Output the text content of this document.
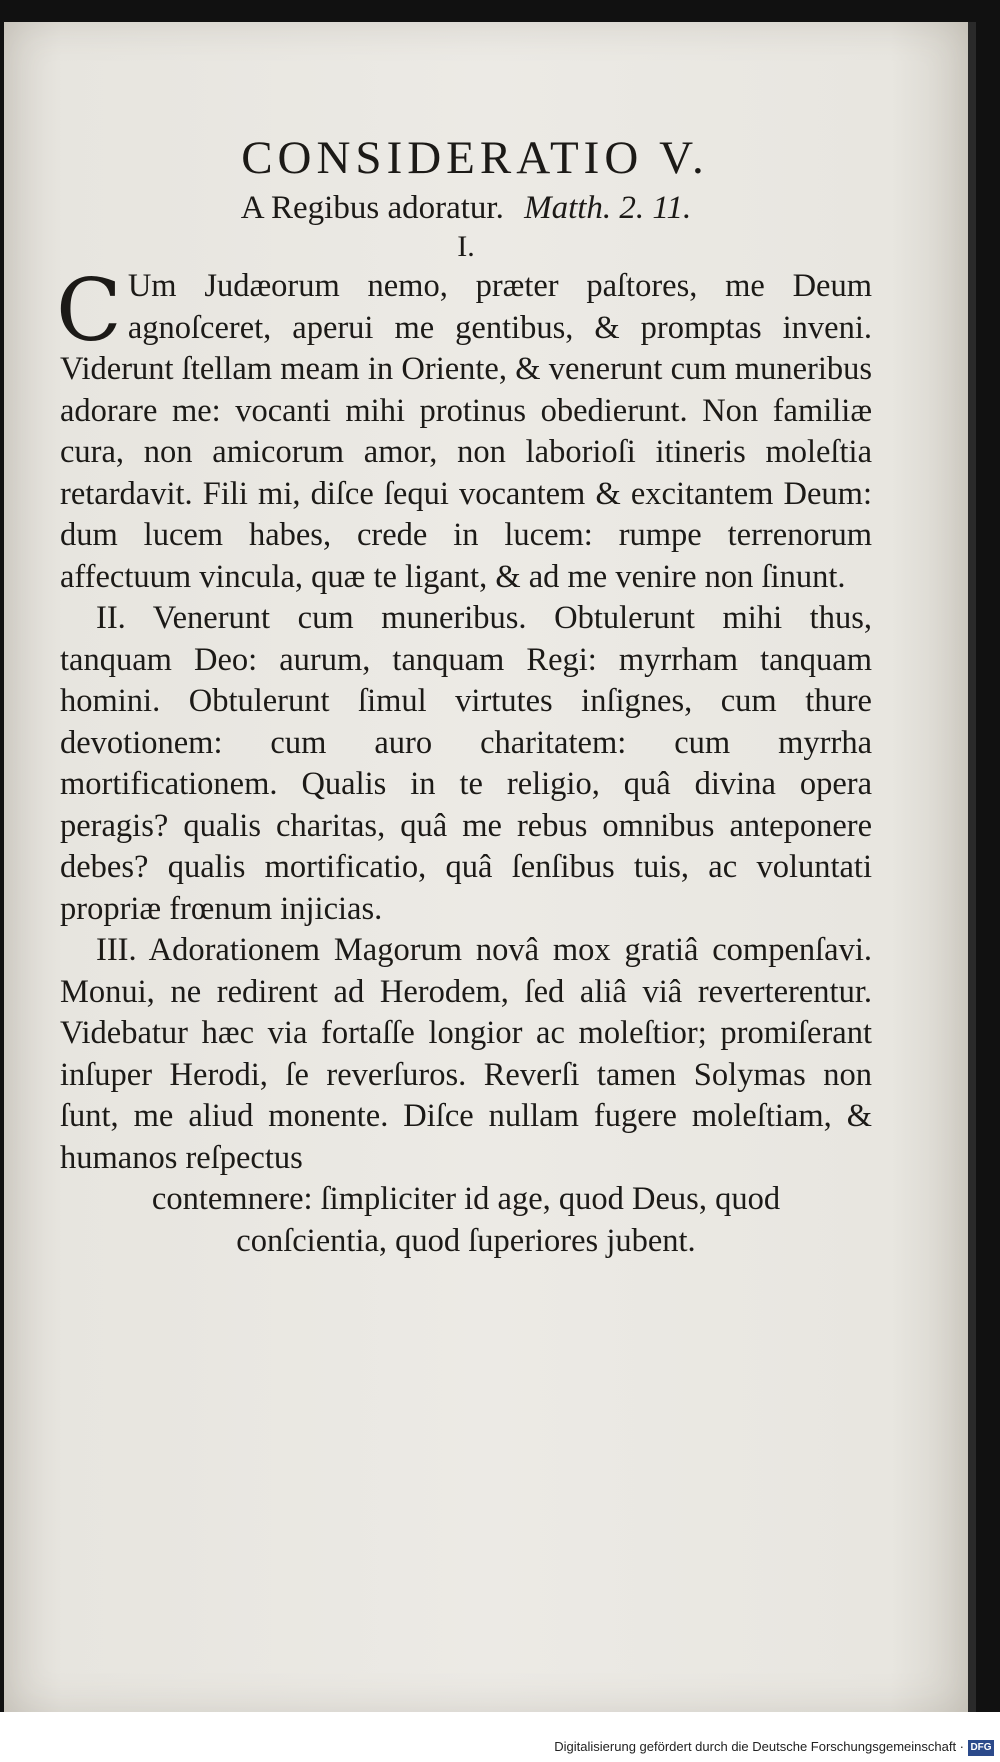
CONSIDERATIO V.
A Regibus adoratur. Matth. 2. 11.
I.

C Um Judæorum nemo, præter paſtores, me Deum agnoſceret, aperui me gentibus, & promptas inveni. Viderunt ſtellam meam in Oriente, & venerunt cum muneribus adorare me: vocanti mihi protinus obedierunt. Non familiæ cura, non amicorum amor, non laborioſi itineris moleſtia retardavit. Fili mi, diſce ſequi vocantem & excitantem Deum: dum lucem habes, crede in lucem: rumpe terrenorum affectuum vincula, quæ te ligant, & ad me venire non ſinunt.

II. Venerunt cum muneribus. Obtulerunt mihi thus, tanquam Deo: aurum, tanquam Regi: myrrham tanquam homini. Obtulerunt ſimul virtutes inſignes, cum thure devotionem: cum auro charitatem: cum myrrha mortificationem. Qualis in te religio, quâ divina opera peragis? qualis charitas, quâ me rebus omnibus anteponere debes? qualis mortificatio, quâ ſenſibus tuis, ac voluntati propriæ frœnum injicias.

III. Adorationem Magorum novâ mox gratiâ compenſavi. Monui, ne redirent ad Herodem, ſed aliâ viâ reverterentur. Videbatur hæc via fortaſſe longior ac moleſtior; promiſerant inſuper Herodi, ſe reverſuros. Reverſi tamen Solymas non ſunt, me aliud monente. Diſce nullam fugere moleſtiam, & humanos reſpectus

contemnere: ſimpliciter id age, quod Deus, quod conſcientia, quod ſuperiores jubent.

Digitalisierung gefördert durch die Deutsche Forschungsgemeinschaft · DFG
